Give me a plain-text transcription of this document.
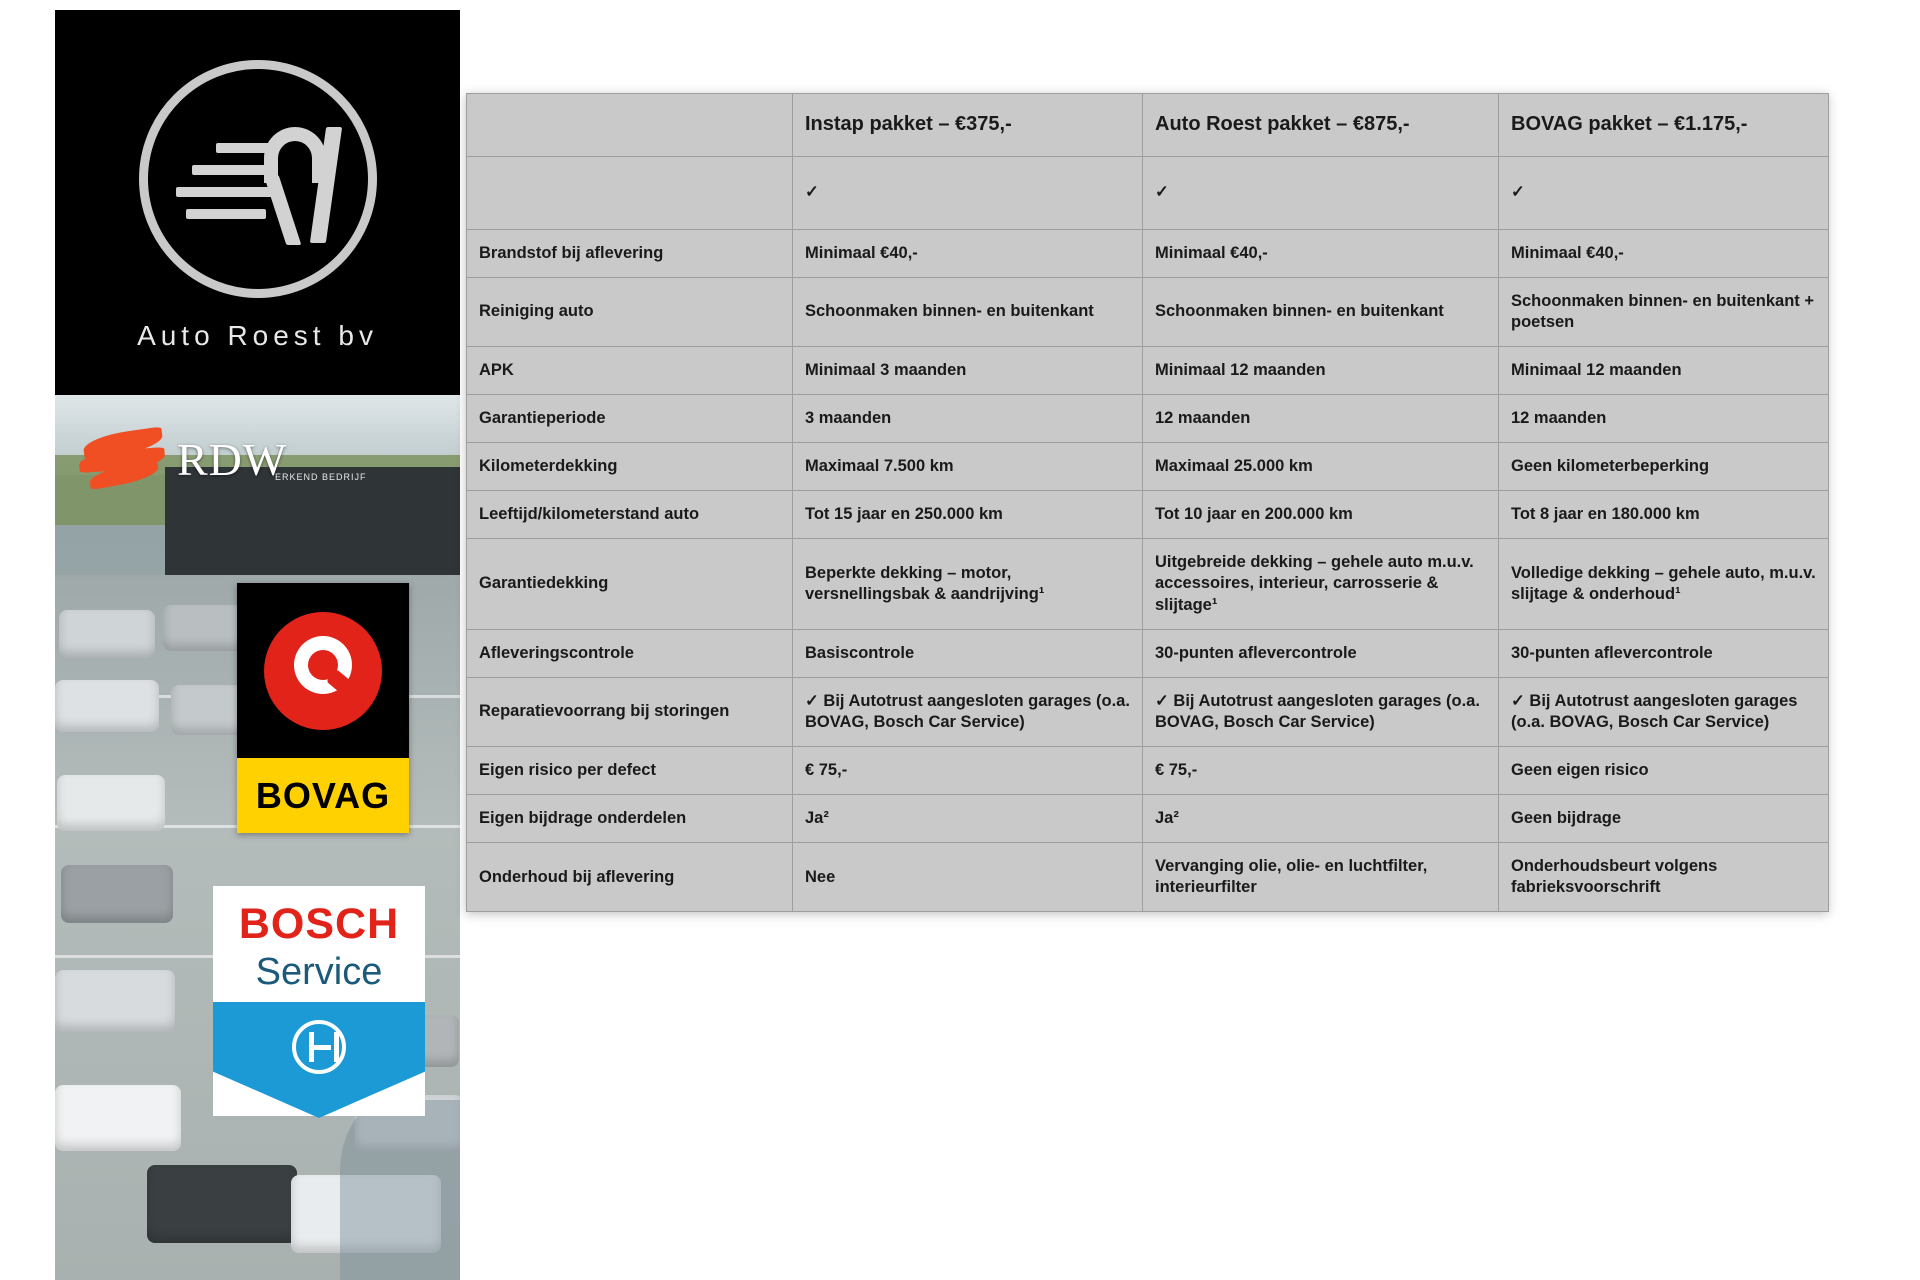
Auto Roest bv
RDW
ERKEND BEDRIJF
BOVAG
BOSCH
Service
	Instap pakket – €375,-	Auto Roest pakket – €875,-	BOVAG pakket – €1.175,-
	✓	✓	✓
Brandstof bij aflevering	Minimaal €40,-	Minimaal €40,-	Minimaal €40,-
Reiniging auto	Schoonmaken binnen- en buitenkant	Schoonmaken binnen- en buitenkant	Schoonmaken binnen- en buitenkant + poetsen
APK	Minimaal 3 maanden	Minimaal 12 maanden	Minimaal 12 maanden
Garantieperiode	3 maanden	12 maanden	12 maanden
Kilometerdekking	Maximaal 7.500 km	Maximaal 25.000 km	Geen kilometerbeperking
Leeftijd/kilometerstand auto	Tot 15 jaar en 250.000 km	Tot 10 jaar en 200.000 km	Tot 8 jaar en 180.000 km
Garantiedekking	Beperkte dekking – motor, versnellingsbak & aandrijving¹	Uitgebreide dekking – gehele auto m.u.v. accessoires, interieur, carrosserie & slijtage¹	Volledige dekking – gehele auto, m.u.v. slijtage & onderhoud¹
Afleveringscontrole	Basiscontrole	30-punten aflevercontrole	30-punten aflevercontrole
Reparatievoorrang bij storingen	✓ Bij Autotrust aangesloten garages (o.a. BOVAG, Bosch Car Service)	✓ Bij Autotrust aangesloten garages (o.a. BOVAG, Bosch Car Service)	✓ Bij Autotrust aangesloten garages (o.a. BOVAG, Bosch Car Service)
Eigen risico per defect	€ 75,-	€ 75,-	Geen eigen risico
Eigen bijdrage onderdelen	Ja²	Ja²	Geen bijdrage
Onderhoud bij aflevering	Nee	Vervanging olie, olie- en luchtfilter, interieurfilter	Onderhoudsbeurt volgens fabrieksvoorschrift
